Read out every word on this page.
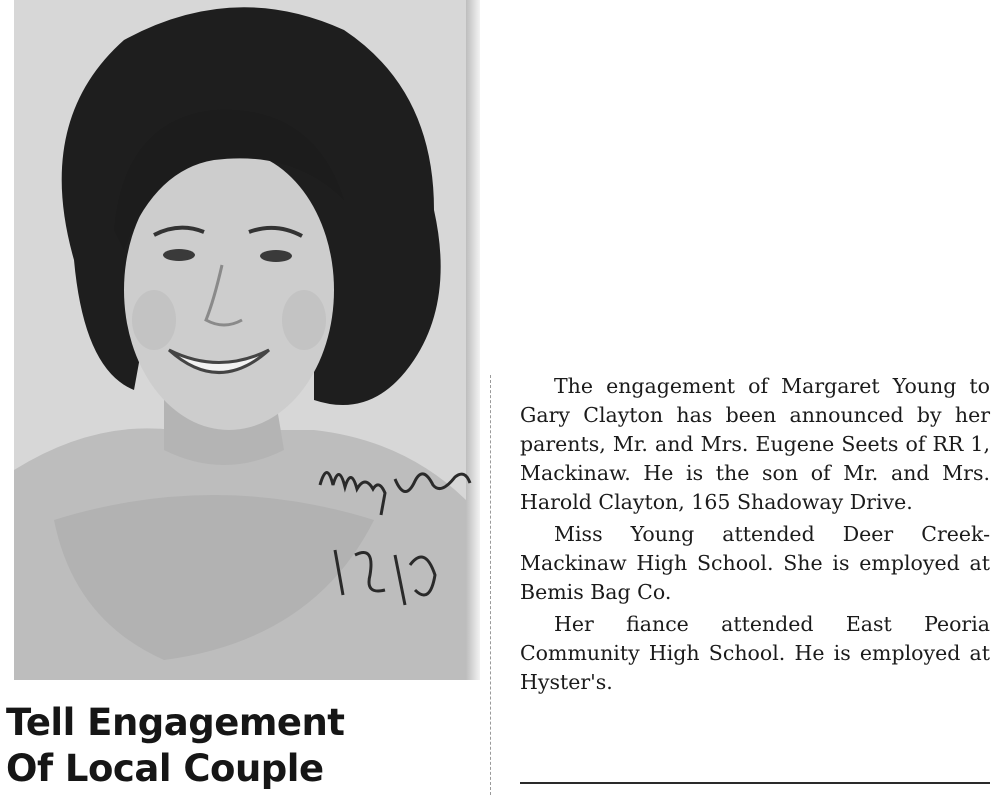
Tell Engagement
Of Local Couple

The engagement of Margaret Young to Gary Clayton has been announced by her parents, Mr. and Mrs. Eugene Seets of RR 1, Mackinaw. He is the son of Mr. and Mrs. Harold Clayton, 165 Shadoway Drive.

Miss Young attended Deer Creek-Mackinaw High School. She is employed at Bemis Bag Co.

Her fiance attended East Peoria Community High School. He is employed at Hyster's.
